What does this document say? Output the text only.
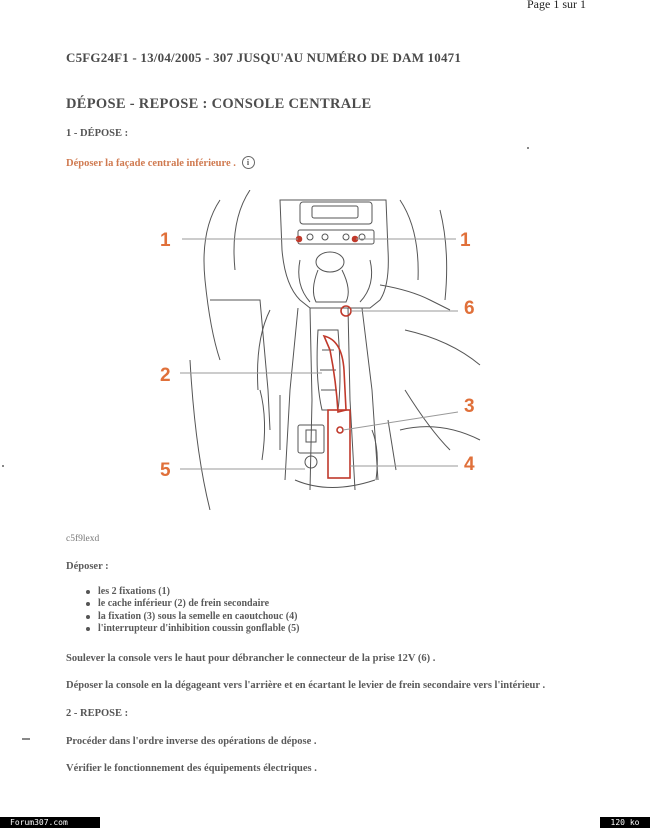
Page 1 sur 1
C5FG24F1 - 13/04/2005 - 307 JUSQU'AU NUMÉRO DE DAM 10471
DÉPOSE - REPOSE : CONSOLE CENTRALE
1 - DÉPOSE :
Déposer la façade centrale inférieure . i
1	1
6
2
3
4
5
c5f9lexd
Déposer :
les 2 fixations (1)
le cache inférieur (2) de frein secondaire
la fixation (3) sous la semelle en caoutchouc (4)
l'interrupteur d'inhibition coussin gonflable (5)
Soulever la console vers le haut pour débrancher le connecteur de la prise 12V (6) .
Déposer la console en la dégageant vers l'arrière et en écartant le levier de frein secondaire vers l'intérieur .
2 - REPOSE :
Procéder dans l'ordre inverse des opérations de dépose .
Vérifier le fonctionnement des équipements électriques .
Forum307.com	120 ko
